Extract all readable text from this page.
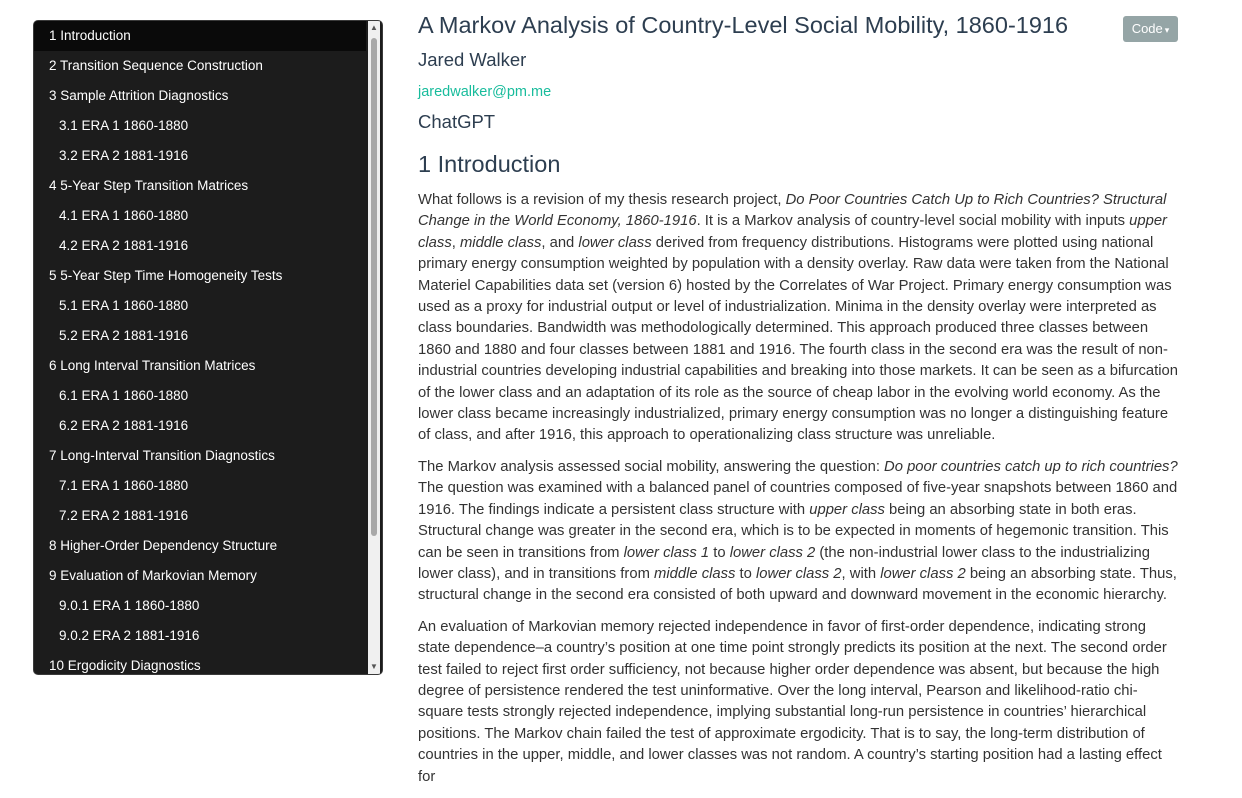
1 Introduction
2 Transition Sequence Construction
3 Sample Attrition Diagnostics
3.1 ERA 1 1860-1880
3.2 ERA 2 1881-1916
4 5-Year Step Transition Matrices
4.1 ERA 1 1860-1880
4.2 ERA 2 1881-1916
5 5-Year Step Time Homogeneity Tests
5.1 ERA 1 1860-1880
5.2 ERA 2 1881-1916
6 Long Interval Transition Matrices
6.1 ERA 1 1860-1880
6.2 ERA 2 1881-1916
7 Long-Interval Transition Diagnostics
7.1 ERA 1 1860-1880
7.2 ERA 2 1881-1916
8 Higher-Order Dependency Structure
9 Evaluation of Markovian Memory
9.0.1 ERA 1 1860-1880
9.0.2 ERA 2 1881-1916
10 Ergodicity Diagnostics
▲
▼
A Markov Analysis of Country-Level Social Mobility, 1860-1916	Code ▾
Jared Walker
jaredwalker@pm.me
ChatGPT
1 Introduction

What follows is a revision of my thesis research project, Do Poor Countries Catch Up to Rich Countries? Structural Change in the World Economy, 1860-1916. It is a Markov analysis of country-level social mobility with inputs upper class, middle class, and lower class derived from frequency distributions. Histograms were plotted using national primary energy consumption weighted by population with a density overlay. Raw data were taken from the National Materiel Capabilities data set (version 6) hosted by the Correlates of War Project. Primary energy consumption was used as a proxy for industrial output or level of industrialization. Minima in the density overlay were interpreted as class boundaries. Bandwidth was methodologically determined. This approach produced three classes between 1860 and 1880 and four classes between 1881 and 1916. The fourth class in the second era was the result of non-industrial countries developing industrial capabilities and breaking into those markets. It can be seen as a bifurcation of the lower class and an adaptation of its role as the source of cheap labor in the evolving world economy. As the lower class became increasingly industrialized, primary energy consumption was no longer a distinguishing feature of class, and after 1916, this approach to operationalizing class structure was unreliable.

The Markov analysis assessed social mobility, answering the question: Do poor countries catch up to rich countries? The question was examined with a balanced panel of countries composed of five-year snapshots between 1860 and 1916. The findings indicate a persistent class structure with upper class being an absorbing state in both eras. Structural change was greater in the second era, which is to be expected in moments of hegemonic transition. This can be seen in transitions from lower class 1 to lower class 2 (the non-industrial lower class to the industrializing lower class), and in transitions from middle class to lower class 2, with lower class 2 being an absorbing state. Thus, structural change in the second era consisted of both upward and downward movement in the economic hierarchy.

An evaluation of Markovian memory rejected independence in favor of first-order dependence, indicating strong state dependence–a country’s position at one time point strongly predicts its position at the next. The second order test failed to reject first order sufficiency, not because higher order dependence was absent, but because the high degree of persistence rendered the test uninformative. Over the long interval, Pearson and likelihood-ratio chi-square tests strongly rejected independence, implying substantial long-run persistence in countries’ hierarchical positions. The Markov chain failed the test of approximate ergodicity. That is to say, the long-term distribution of countries in the upper, middle, and lower classes was not random. A country’s starting position had a lasting effect for
